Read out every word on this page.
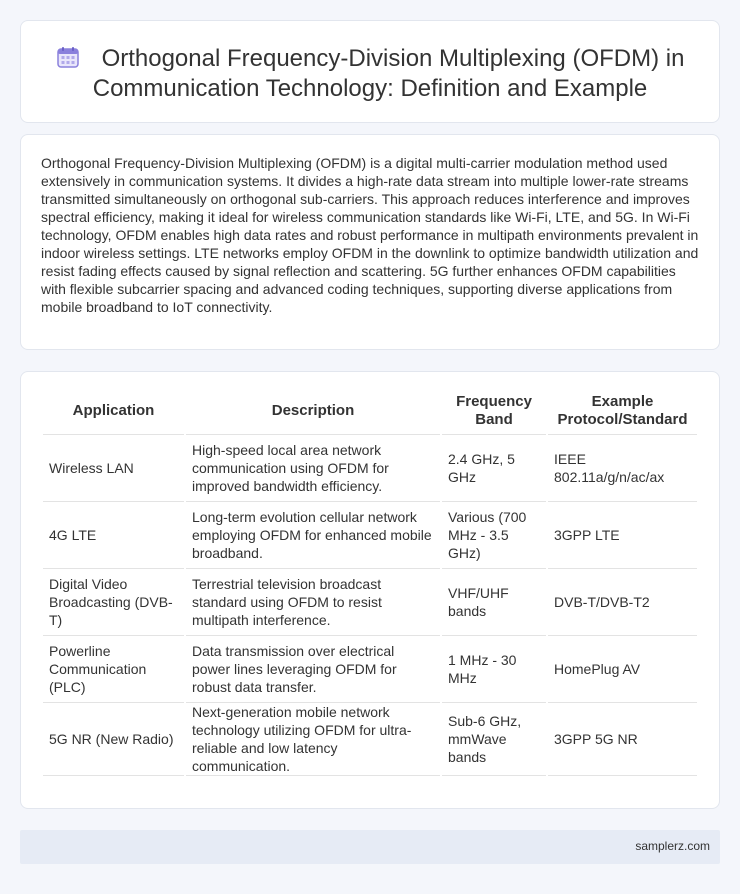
Orthogonal Frequency-Division Multiplexing (OFDM) in Communication Technology: Definition and Example

Orthogonal Frequency-Division Multiplexing (OFDM) is a digital multi-carrier modulation method used extensively in communication systems. It divides a high-rate data stream into multiple lower-rate streams transmitted simultaneously on orthogonal sub-carriers. This approach reduces interference and improves spectral efficiency, making it ideal for wireless communication standards like Wi-Fi, LTE, and 5G. In Wi-Fi technology, OFDM enables high data rates and robust performance in multipath environments prevalent in indoor wireless settings. LTE networks employ OFDM in the downlink to optimize bandwidth utilization and resist fading effects caused by signal reflection and scattering. 5G further enhances OFDM capabilities with flexible subcarrier spacing and advanced coding techniques, supporting diverse applications from mobile broadband to IoT connectivity.

Application	Description	Frequency Band	Example Protocol/Standard
Wireless LAN	High-speed local area network communication using OFDM for improved bandwidth efficiency.	2.4 GHz, 5 GHz	IEEE 802.11a/g/n/ac/ax
4G LTE	Long-term evolution cellular network employing OFDM for enhanced mobile broadband.	Various (700 MHz - 3.5 GHz)	3GPP LTE
Digital Video Broadcasting (DVB-T)	Terrestrial television broadcast standard using OFDM to resist multipath interference.	VHF/UHF bands	DVB-T/DVB-T2
Powerline Communication (PLC)	Data transmission over electrical power lines leveraging OFDM for robust data transfer.	1 MHz - 30 MHz	HomePlug AV
5G NR (New Radio)	Next-generation mobile network technology utilizing OFDM for ultra-reliable and low latency communication.	Sub-6 GHz, mmWave bands	3GPP 5G NR
samplerz.com
